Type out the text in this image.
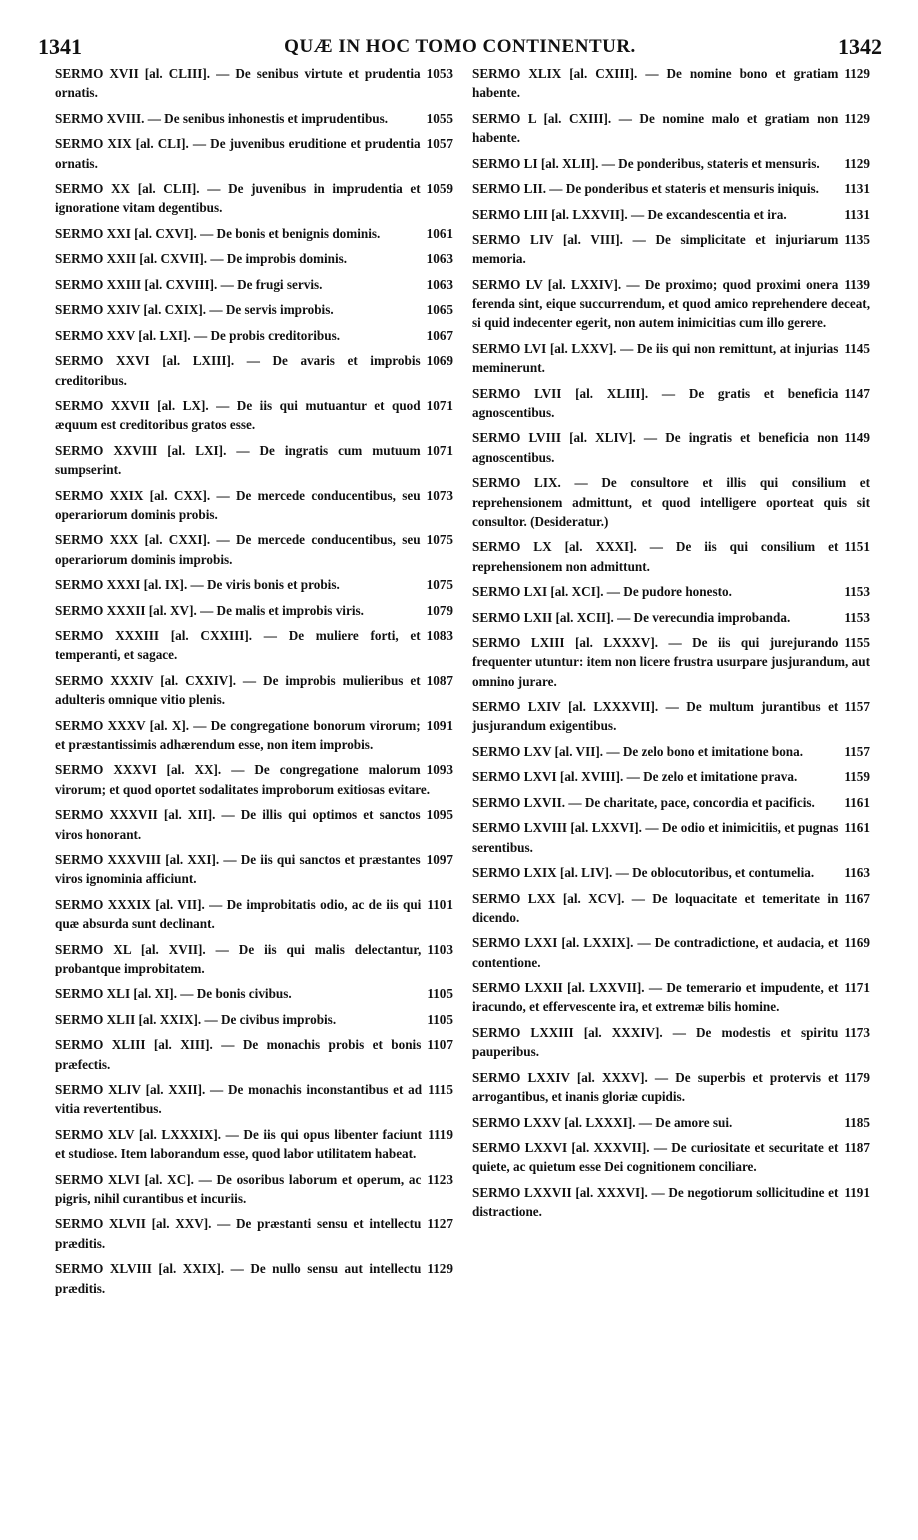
1341	QUÆ IN HOC TOMO CONTINENTUR.	1342
1053
SERMO XVII [al. CLIII]. — De senibus virtute et prudentia ornatis.
1055
SERMO XVIII. — De senibus inhonestis et imprudentibus.
1057
SERMO XIX [al. CLI]. — De juvenibus eruditione et prudentia ornatis.
1059
SERMO XX [al. CLII]. — De juvenibus in imprudentia et ignoratione vitam degentibus.
1061
SERMO XXI [al. CXVI]. — De bonis et benignis dominis.
1063
SERMO XXII [al. CXVII]. — De improbis dominis.
1063
SERMO XXIII [al. CXVIII]. — De frugi servis.
1065
SERMO XXIV [al. CXIX]. — De servis improbis.
1067
SERMO XXV [al. LXI]. — De probis creditoribus.
1069
SERMO XXVI [al. LXIII]. — De avaris et improbis creditoribus.
1071
SERMO XXVII [al. LX]. — De iis qui mutuantur et quod æquum est creditoribus gratos esse.
1071
SERMO XXVIII [al. LXI]. — De ingratis cum mutuum sumpserint.
1073
SERMO XXIX [al. CXX]. — De mercede conducentibus, seu operariorum dominis probis.
1075
SERMO XXX [al. CXXI]. — De mercede conducentibus, seu operariorum dominis improbis.
1075
SERMO XXXI [al. IX]. — De viris bonis et probis.
1079
SERMO XXXII [al. XV]. — De malis et improbis viris.
1083
SERMO XXXIII [al. CXXIII]. — De muliere forti, et temperanti, et sagace.
1087
SERMO XXXIV [al. CXXIV]. — De improbis mulieribus et adulteris omnique vitio plenis.
1091
SERMO XXXV [al. X]. — De congregatione bonorum virorum; et præstantissimis adhærendum esse, non item improbis.
1093
SERMO XXXVI [al. XX]. — De congregatione malorum virorum; et quod oportet sodalitates improborum exitiosas evitare.
1095
SERMO XXXVII [al. XII]. — De illis qui optimos et sanctos viros honorant.
1097
SERMO XXXVIII [al. XXI]. — De iis qui sanctos et præstantes viros ignominia afficiunt.
1101
SERMO XXXIX [al. VII]. — De improbitatis odio, ac de iis qui quæ absurda sunt declinant.
1103
SERMO XL [al. XVII]. — De iis qui malis delectantur, probantque improbitatem.
1105
SERMO XLI [al. XI]. — De bonis civibus.
1105
SERMO XLII [al. XXIX]. — De civibus improbis.
1107
SERMO XLIII [al. XIII]. — De monachis probis et bonis præfectis.
1115
SERMO XLIV [al. XXII]. — De monachis inconstantibus et ad vitia revertentibus.
1119
SERMO XLV [al. LXXXIX]. — De iis qui opus libenter faciunt et studiose. Item laborandum esse, quod labor utilitatem habeat.
1123
SERMO XLVI [al. XC]. — De osoribus laborum et operum, ac pigris, nihil curantibus et incuriis.
1127
SERMO XLVII [al. XXV]. — De præstanti sensu et intellectu præditis.
1129
SERMO XLVIII [al. XXIX]. — De nullo sensu aut intellectu præditis.
1129
SERMO XLIX [al. CXIII]. — De nomine bono et gratiam habente.
1129
SERMO L [al. CXIII]. — De nomine malo et gratiam non habente.
1129
SERMO LI [al. XLII]. — De ponderibus, stateris et mensuris.
1131
SERMO LII. — De ponderibus et stateris et mensuris iniquis.
1131
SERMO LIII [al. LXXVII]. — De excandescentia et ira.
1135
SERMO LIV [al. VIII]. — De simplicitate et injuriarum memoria.
1139
SERMO LV [al. LXXIV]. — De proximo; quod proximi onera ferenda sint, eique succurrendum, et quod amico reprehendere deceat, si quid indecenter egerit, non autem inimicitias cum illo gerere.
1145
SERMO LVI [al. LXXV]. — De iis qui non remittunt, at injurias meminerunt.
1147
SERMO LVII [al. XLIII]. — De gratis et beneficia agnoscentibus.
1149
SERMO LVIII [al. XLIV]. — De ingratis et beneficia non agnoscentibus.
SERMO LIX. — De consultore et illis qui consilium et reprehensionem admittunt, et quod intelligere oporteat quis sit consultor. (Desideratur.)
1151
SERMO LX [al. XXXI]. — De iis qui consilium et reprehensionem non admittunt.
1153
SERMO LXI [al. XCI]. — De pudore honesto.
1153
SERMO LXII [al. XCII]. — De verecundia improbanda.
1155
SERMO LXIII [al. LXXXV]. — De iis qui jurejurando frequenter utuntur: item non licere frustra usurpare jusjurandum, aut omnino jurare.
1157
SERMO LXIV [al. LXXXVII]. — De multum jurantibus et jusjurandum exigentibus.
1157
SERMO LXV [al. VII]. — De zelo bono et imitatione bona.
1159
SERMO LXVI [al. XVIII]. — De zelo et imitatione prava.
1161
SERMO LXVII. — De charitate, pace, concordia et pacificis.
1161
SERMO LXVIII [al. LXXVI]. — De odio et inimicitiis, et pugnas serentibus.
1163
SERMO LXIX [al. LIV]. — De oblocutoribus, et contumelia.
1167
SERMO LXX [al. XCV]. — De loquacitate et temeritate in dicendo.
1169
SERMO LXXI [al. LXXIX]. — De contradictione, et audacia, et contentione.
1171
SERMO LXXII [al. LXXVII]. — De temerario et impudente, et iracundo, et effervescente ira, et extremæ bilis homine.
1173
SERMO LXXIII [al. XXXIV]. — De modestis et spiritu pauperibus.
1179
SERMO LXXIV [al. XXXV]. — De superbis et protervis et arrogantibus, et inanis gloriæ cupidis.
1185
SERMO LXXV [al. LXXXI]. — De amore sui.
1187
SERMO LXXVI [al. XXXVII]. — De curiositate et securitate et quiete, ac quietum esse Dei cognitionem conciliare.
1191
SERMO LXXVII [al. XXXVI]. — De negotiorum sollicitudine et distractione.
